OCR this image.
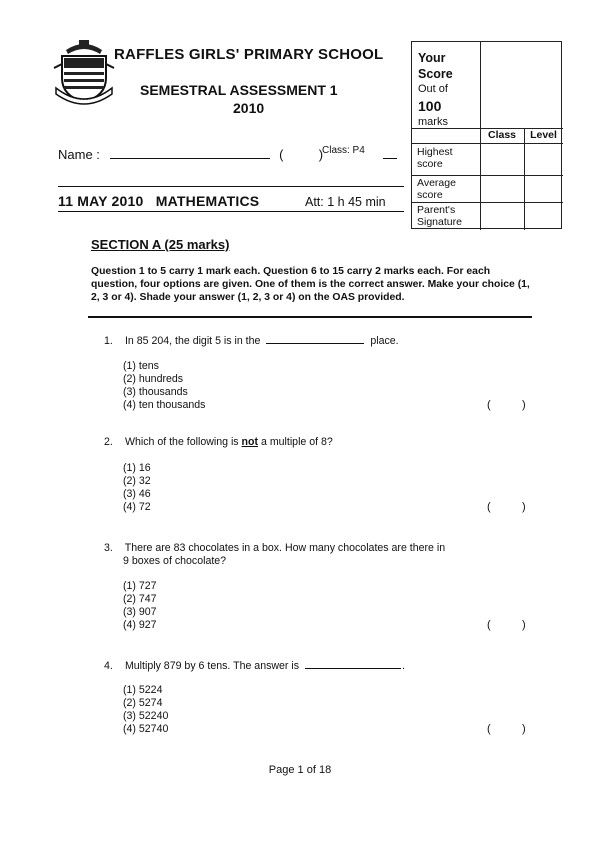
RAFFLES GIRLS' PRIMARY SCHOOL
SEMESTRAL ASSESSMENT 1
2010
Name :	(	)
Class: P4
11 MAY 2010 MATHEMATICS	Att: 1 h 45 min
Your
Score
Out of
100
marks
Class	Level
Highest score
Average score
Parent's Signature
SECTION A (25 marks)
Question 1 to 5 carry 1 mark each. Question 6 to 15 carry 2 marks each. For each question, four options are given. One of them is the correct answer. Make your choice (1, 2, 3 or 4). Shade your answer (1, 2, 3 or 4) on the OAS provided.
1. In 85 204, the digit 5 is in the	place.
(1) tens
(2) hundreds
(3) thousands
(4) ten thousands	(	)
2. Which of the following is not a multiple of 8?
(1) 16
(2) 32
(3) 46
(4) 72	(	)
3. There are 83 chocolates in a box. How many chocolates are there in
9 boxes of chocolate?
(1) 727
(2) 747
(3) 907
(4) 927	(	)
4. Multiply 879 by 6 tens. The answer is	.
(1) 5224
(2) 5274
(3) 52240
(4) 52740	(	)
Page 1 of 18
